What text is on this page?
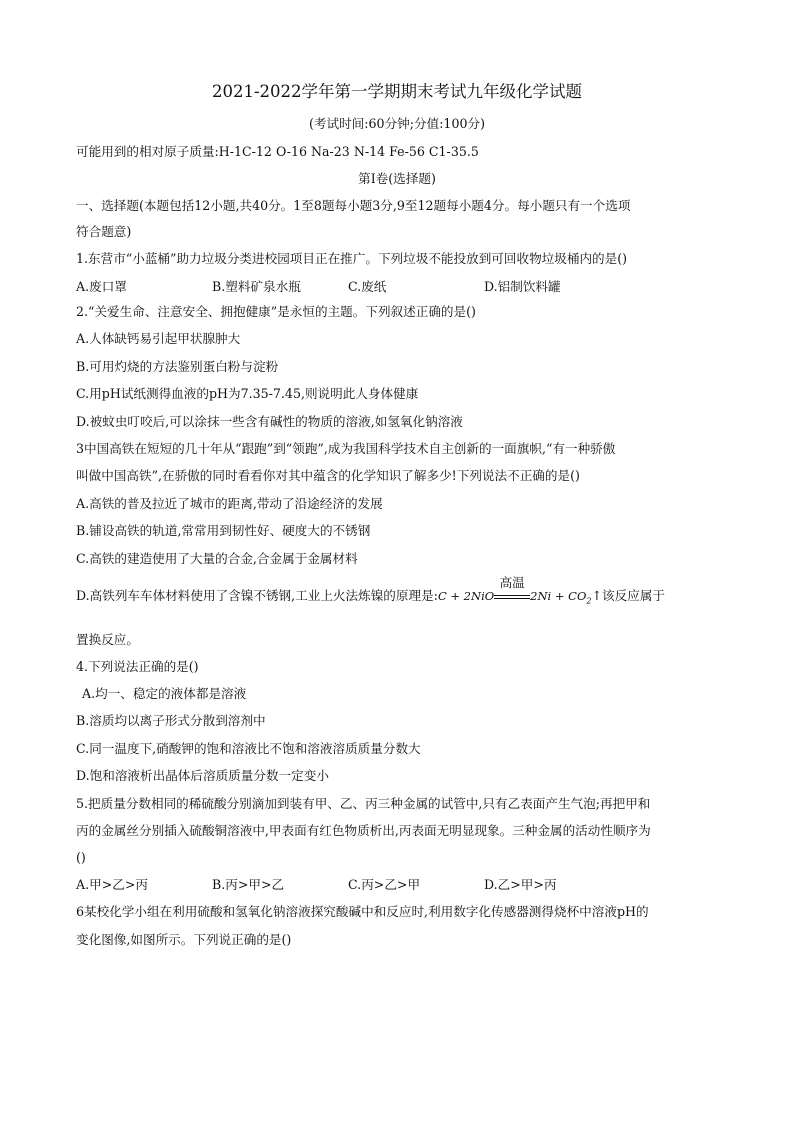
2021-2022学年第一学期期末考试九年级化学试题
(考试时间:60分钟;分值:100分)
可能用到的相对原子质量:H-1C-12 O-16 Na-23 N-14 Fe-56 C1-35.5
第I卷(选择题)
一、选择题(本题包括12小题,共40分。1至8题每小题3分,9至12题每小题4分。每小题只有一个选项
符合题意)
1.东营市“小蓝桶”助力垃圾分类进校园项目正在推广。下列垃圾不能投放到可回收物垃圾桶内的是()
A.废口罩	B.塑料矿泉水瓶	C.废纸	D.铝制饮料罐
2.“关爱生命、注意安全、拥抱健康”是永恒的主题。下列叙述正确的是()
A.人体缺钙易引起甲状腺肿大
B.可用灼烧的方法鉴别蛋白粉与淀粉
C.用pH试纸测得血液的pH为7.35-7.45,则说明此人身体健康
D.被蚊虫叮咬后,可以涂抹一些含有碱性的物质的溶液,如氢氧化钠溶液
3中国高铁在短短的几十年从“跟跑”到“领跑”,成为我国科学技术自主创新的一面旗帜,“有一种骄傲
叫做中国高铁”,在骄傲的同时看看你对其中蕴含的化学知识了解多少!下列说法不正确的是()
A.高铁的普及拉近了城市的距离,带动了沿途经济的发展
B.铺设高铁的轨道,常常用到韧性好、硬度大的不锈钢
C.高铁的建造使用了大量的合金,合金属于金属材料
D.高铁列车车体材料使用了含镍不锈钢,工业上火法炼镍的原理是:C + 2NiO
高温
$2Ni + CO_2↑$该反应属于
置换反应。
4.下列说法正确的是()
A.均一、稳定的液体都是溶液
B.溶质均以离子形式分散到溶剂中
C.同一温度下,硝酸钾的饱和溶液比不饱和溶液溶质质量分数大
D.饱和溶液析出晶体后溶质质量分数一定变小
5.把质量分数相同的稀硫酸分别滴加到装有甲、乙、丙三种金属的试管中,只有乙表面产生气泡;再把甲和
丙的金属丝分别插入硫酸铜溶液中,甲表面有红色物质析出,丙表面无明显现象。三种金属的活动性顺序为
()
A.甲>乙>丙	B.丙>甲>乙	C.丙>乙>甲	D.乙>甲>丙
6某校化学小组在利用硫酸和氢氧化钠溶液探究酸碱中和反应时,利用数字化传感器测得烧杯中溶液pH的
变化图像,如图所示。下列说正确的是()
